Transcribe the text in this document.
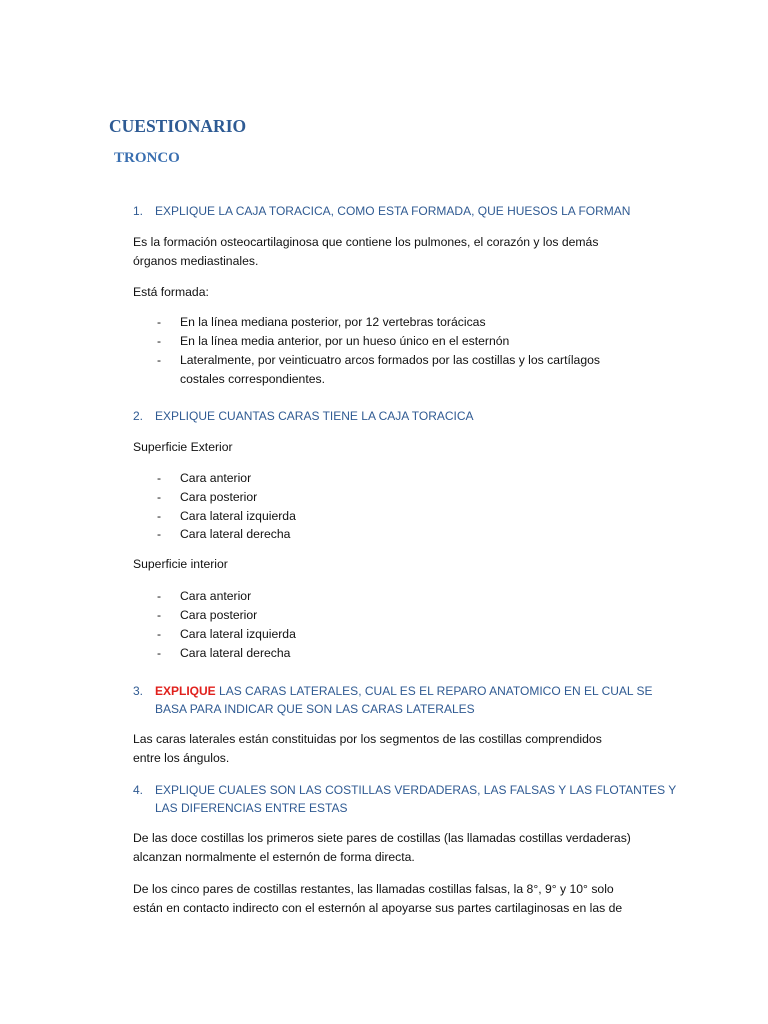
CUESTIONARIO
TRONCO
1. EXPLIQUE LA CAJA TORACICA, COMO ESTA FORMADA, QUE HUESOS LA FORMAN
Es la formación osteocartilaginosa que contiene los pulmones, el corazón y los demás
órganos mediastinales.
Está formada:
- En la línea mediana posterior, por 12 vertebras torácicas
- En la línea media anterior, por un hueso único en el esternón
- Lateralmente, por veinticuatro arcos formados por las costillas y los cartílagos
costales correspondientes.
2. EXPLIQUE CUANTAS CARAS TIENE LA CAJA TORACICA
Superficie Exterior
- Cara anterior
- Cara posterior
- Cara lateral izquierda
- Cara lateral derecha
Superficie interior
- Cara anterior
- Cara posterior
- Cara lateral izquierda
- Cara lateral derecha
3. EXPLIQUE LAS CARAS LATERALES, CUAL ES EL REPARO ANATOMICO EN EL CUAL SE
BASA PARA INDICAR QUE SON LAS CARAS LATERALES
Las caras laterales están constituidas por los segmentos de las costillas comprendidos
entre los ángulos.
4. EXPLIQUE CUALES SON LAS COSTILLAS VERDADERAS, LAS FALSAS Y LAS FLOTANTES Y
LAS DIFERENCIAS ENTRE ESTAS
De las doce costillas los primeros siete pares de costillas (las llamadas costillas verdaderas)
alcanzan normalmente el esternón de forma directa.
De los cinco pares de costillas restantes, las llamadas costillas falsas, la 8°, 9° y 10° solo
están en contacto indirecto con el esternón al apoyarse sus partes cartilaginosas en las de
